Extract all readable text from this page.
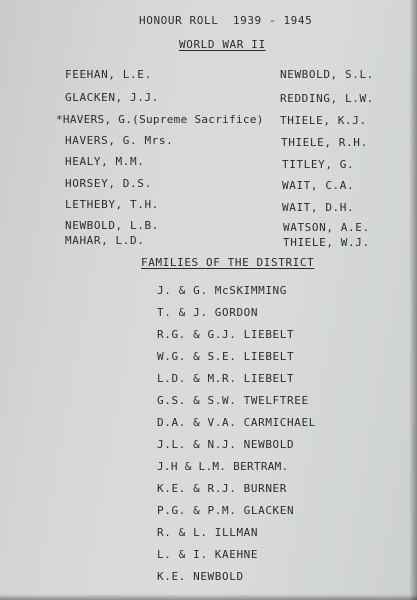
HONOUR ROLL  1939 - 1945
WORLD WAR II
FEEHAN, L.E.
GLACKEN, J.J.
*HAVERS, G.(Supreme Sacrifice)
HAVERS, G. Mrs.
HEALY, M.M.
HORSEY, D.S.
LETHEBY, T.H.
NEWBOLD, L.B.
MAHAR, L.D.
NEWBOLD, S.L.
REDDING, L.W.
THIELE, K.J.
THIELE, R.H.
TITLEY, G.
WAIT, C.A.
WAIT, D.H.
WATSON, A.E.
THIELE, W.J.
FAMILIES OF THE DISTRICT
J. & G. McSKIMMING
T. & J. GORDON
R.G. & G.J. LIEBELT
W.G. & S.E. LIEBELT
L.D. & M.R. LIEBELT
G.S. & S.W. TWELFTREE
D.A. & V.A. CARMICHAEL
J.L. & N.J. NEWBOLD
J.H & L.M. BERTRAM.
K.E. & R.J. BURNER
P.G. & P.M. GLACKEN
R. & L. ILLMAN
L. & I. KAEHNE
K.E. NEWBOLD
